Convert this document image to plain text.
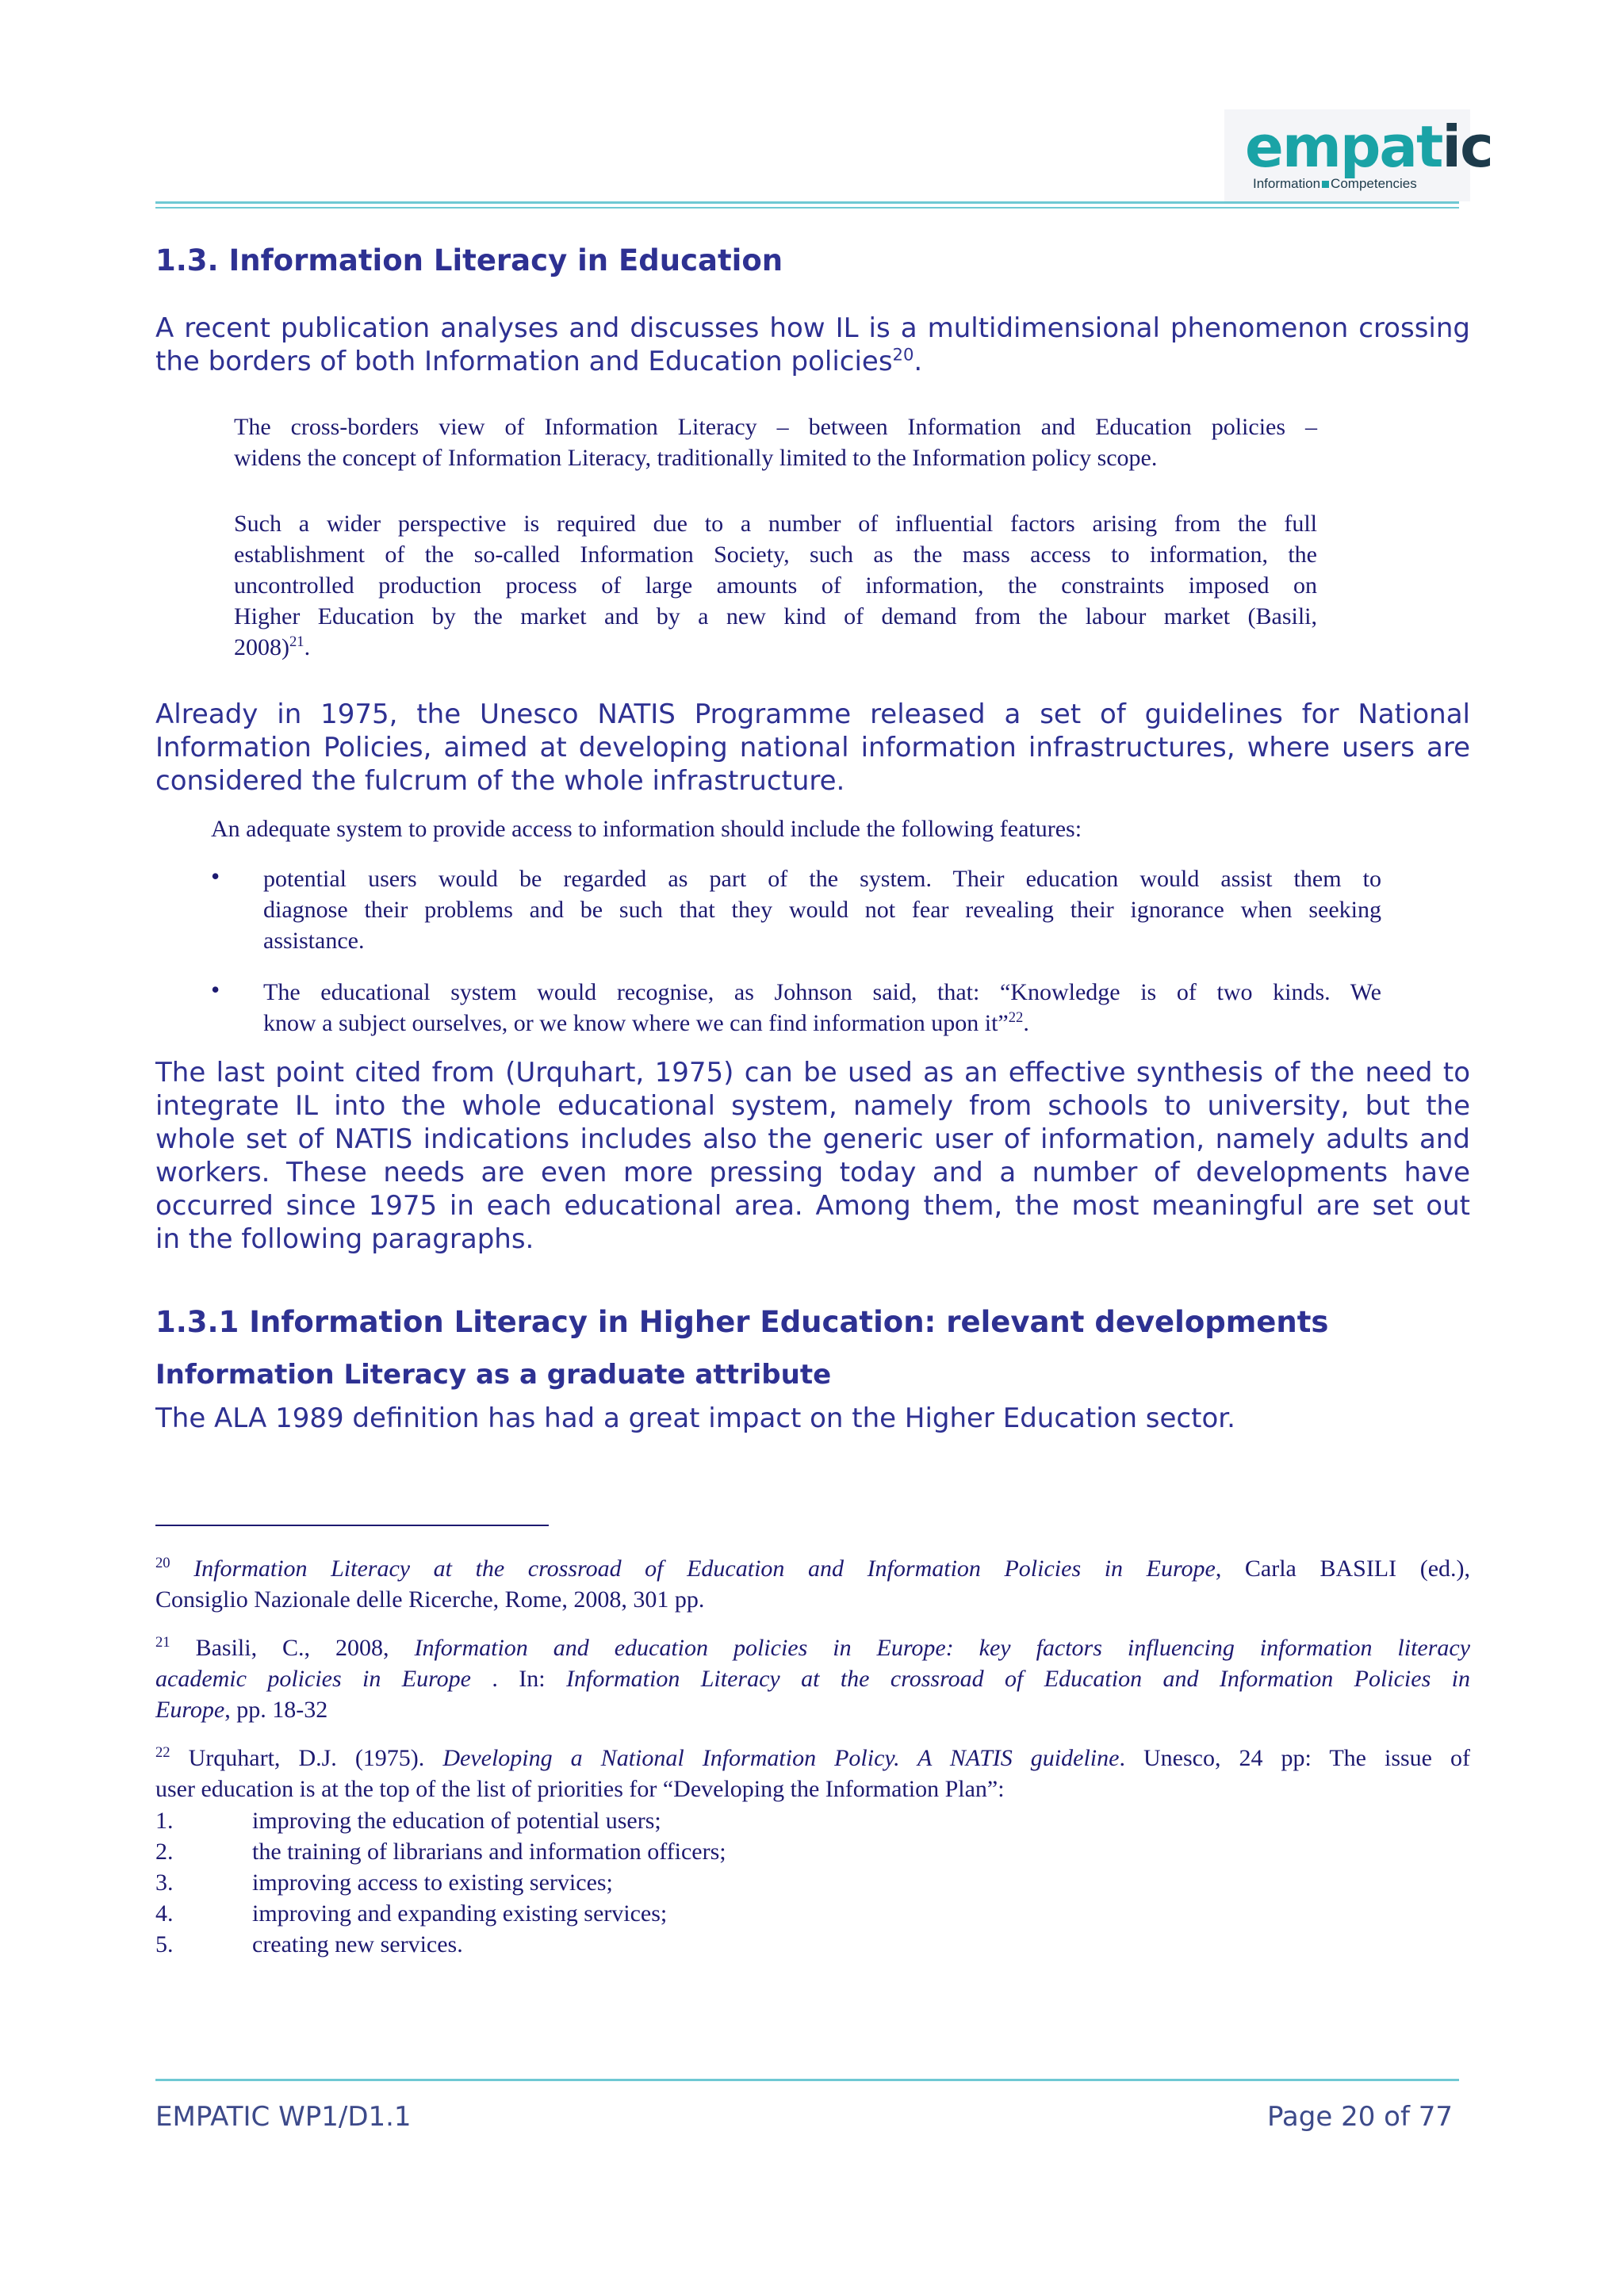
empatic
Information Competencies
1.3. Information Literacy in Education
A recent publication analyses and discusses how IL is a multidimensional phenomenon crossing
the borders of both Information and Education policies$^{20}$.
The cross-borders view of Information Literacy – between Information and Education policies –
widens the concept of Information Literacy, traditionally limited to the Information policy scope.
Such a wider perspective is required due to a number of influential factors arising from the full
establishment of the so-called Information Society, such as the mass access to information, the
uncontrolled production process of large amounts of information, the constraints imposed on
Higher Education by the market and by a new kind of demand from the labour market (Basili,
2008)$^{21}$.
Already in 1975, the Unesco NATIS Programme released a set of guidelines for National
Information Policies, aimed at developing national information infrastructures, where users are
considered the fulcrum of the whole infrastructure.
An adequate system to provide access to information should include the following features:
• potential users would be regarded as part of the system. Their education would assist them to
diagnose their problems and be such that they would not fear revealing their ignorance when seeking
assistance.
• The educational system would recognise, as Johnson said, that: “Knowledge is of two kinds. We
know a subject ourselves, or we know where we can find information upon it”$^{22}$.
The last point cited from (Urquhart, 1975) can be used as an effective synthesis of the need to
integrate IL into the whole educational system, namely from schools to university, but the
whole set of NATIS indications includes also the generic user of information, namely adults and
workers. These needs are even more pressing today and a number of developments have
occurred since 1975 in each educational area. Among them, the most meaningful are set out
in the following paragraphs.
1.3.1 Information Literacy in Higher Education: relevant developments
Information Literacy as a graduate attribute
The ALA 1989 definition has had a great impact on the Higher Education sector.
$^{20}$ Information Literacy at the crossroad of Education and Information Policies in Europe, Carla BASILI (ed.),
Consiglio Nazionale delle Ricerche, Rome, 2008, 301 pp.
$^{21}$ Basili, C., 2008, Information and education policies in Europe: key factors influencing information literacy
academic policies in Europe . In: Information Literacy at the crossroad of Education and Information Policies in
Europe, pp. 18-32
$^{22}$ Urquhart, D.J. (1975). Developing a National Information Policy. A NATIS guideline. Unesco, 24 pp: The issue of
user education is at the top of the list of priorities for “Developing the Information Plan”:
1.	improving the education of potential users;
2.	the training of librarians and information officers;
3.	improving access to existing services;
4.	improving and expanding existing services;
5.	creating new services.
EMPATIC WP1/D1.1	Page 20 of 77
